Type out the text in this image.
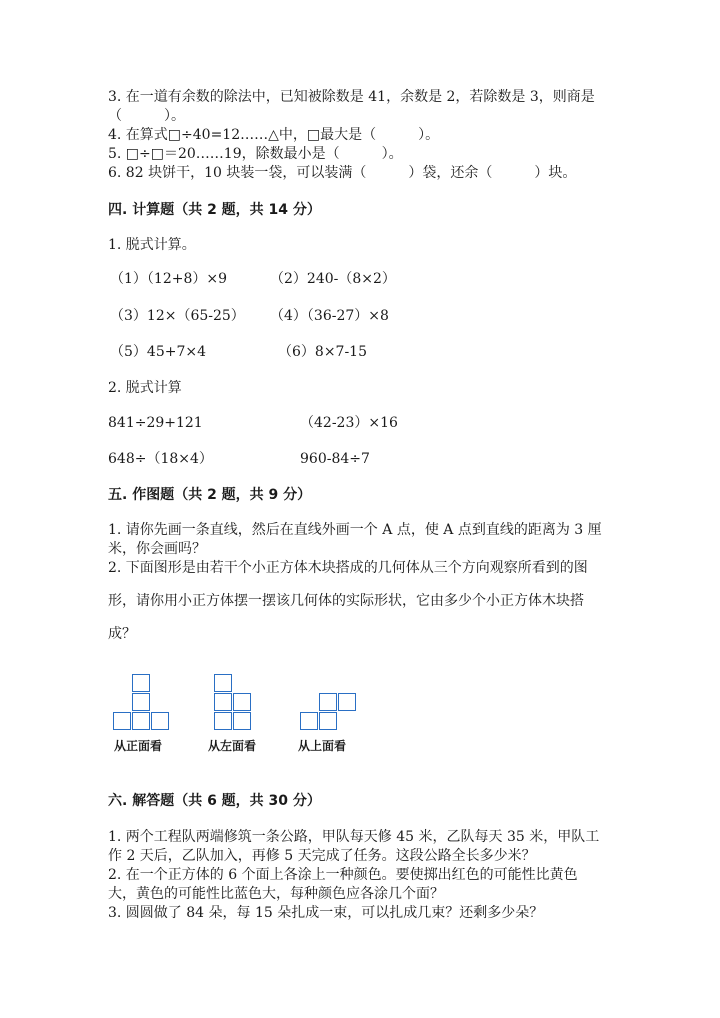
3. 在一道有余数的除法中，已知被除数是 41，余数是 2，若除数是 3，则商是
（　　　）。
4. 在算式□÷40=12……△中，□最大是（　　　）。
5. □÷□＝20……19，除数最小是（　　　）。
6. 82 块饼干，10 块装一袋，可以装满（　　　）袋，还余（　　　）块。
四. 计算题（共 2 题，共 14 分）
1. 脱式计算。
（1）（12+8）×9	（2）240-（8×2）
（3）12×（65-25） （4）（36-27）×8
（5）45+7×4	（6）8×7-15
2. 脱式计算
841÷29+121	（42-23）×16
648÷（18×4）	960-84÷7
五. 作图题（共 2 题，共 9 分）
1. 请你先画一条直线，然后在直线外画一个 A 点，使 A 点到直线的距离为 3 厘
米，你会画吗？
2. 下面图形是由若干个小正方体木块搭成的几何体从三个方向观察所看到的图
形，请你用小正方体摆一摆该几何体的实际形状，它由多少个小正方体木块搭
成？
从正面看	从左面看	从上面看
六. 解答题（共 6 题，共 30 分）
1. 两个工程队两端修筑一条公路，甲队每天修 45 米，乙队每天 35 米，甲队工
作 2 天后，乙队加入，再修 5 天完成了任务。这段公路全长多少米？
2. 在一个正方体的 6 个面上各涂上一种颜色。要使掷出红色的可能性比黄色
大，黄色的可能性比蓝色大，每种颜色应各涂几个面？
3. 圆圆做了 84 朵，每 15 朵扎成一束，可以扎成几束？还剩多少朵？
